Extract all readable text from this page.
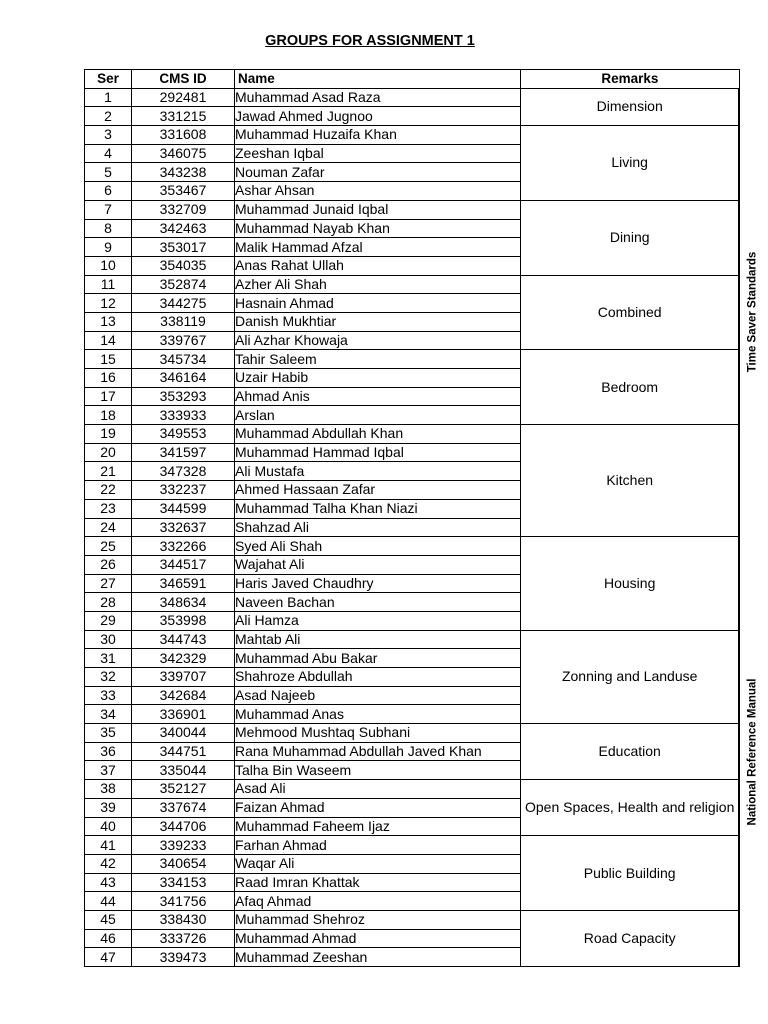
GROUPS FOR ASSIGNMENT 1
Ser	CMS ID	Name	Remarks	
1	292481	Muhammad Asad Raza	Dimension	Time Saver Standards

2	331215	Jawad Ahmed Jugnoo		
3	331608	Muhammad Huzaifa Khan	Living	
4	346075	Zeeshan Iqbal		
5	343238	Nouman Zafar		
6	353467	Ashar Ahsan		
7	332709	Muhammad Junaid Iqbal	Dining	
8	342463	Muhammad Nayab Khan		
9	353017	Malik Hammad Afzal		
10	354035	Anas Rahat Ullah		
11	352874	Azher Ali Shah	Combined	
12	344275	Hasnain Ahmad		
13	338119	Danish Mukhtiar		
14	339767	Ali Azhar Khowaja		
15	345734	Tahir Saleem	Bedroom	
16	346164	Uzair Habib		
17	353293	Ahmad Anis		
18	333933	Arslan		
19	349553	Muhammad Abdullah Khan	Kitchen	
20	341597	Muhammad Hammad Iqbal		
21	347328	Ali Mustafa		
22	332237	Ahmed Hassaan Zafar		
23	344599	Muhammad Talha Khan Niazi		
24	332637	Shahzad Ali		
25	332266	Syed Ali Shah	Housing	National Reference Manual

26	344517	Wajahat Ali		
27	346591	Haris Javed Chaudhry		
28	348634	Naveen Bachan		
29	353998	Ali Hamza		
30	344743	Mahtab Ali	Zonning and Landuse	
31	342329	Muhammad Abu Bakar		
32	339707	Shahroze Abdullah		
33	342684	Asad Najeeb		
34	336901	Muhammad Anas		
35	340044	Mehmood Mushtaq Subhani	Education	
36	344751	Rana Muhammad Abdullah Javed Khan		
37	335044	Talha Bin Waseem		
38	352127	Asad Ali	Open Spaces, Health and religion	
39	337674	Faizan Ahmad		
40	344706	Muhammad Faheem Ijaz		
41	339233	Farhan Ahmad	Public Building	
42	340654	Waqar Ali		
43	334153	Raad Imran Khattak		
44	341756	Afaq Ahmad		
45	338430	Muhammad Shehroz	Road Capacity	
46	333726	Muhammad Ahmad		
47	339473	Muhammad Zeeshan		
